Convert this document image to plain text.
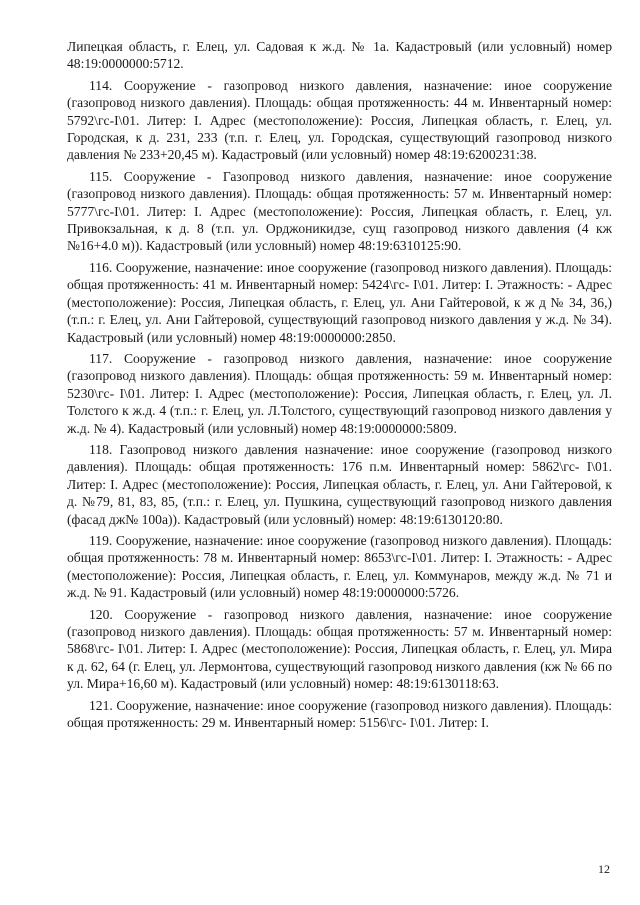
Липецкая область, г. Елец, ул. Садовая к ж.д. № 1а. Кадастровый (или условный) номер 48:19:0000000:5712.

114. Сооружение - газопровод низкого давления, назначение: иное сооружение (газопровод низкого давления). Площадь: общая протяженность: 44 м. Инвентарный номер: 5792\гс-I\01. Литер: I. Адрес (местоположение): Россия, Липецкая область, г. Елец, ул. Городская, к д. 231, 233 (т.п. г. Елец, ул. Городская, существующий газопровод низкого давления № 233+20,45 м). Кадастровый (или условный) номер 48:19:6200231:38.

115. Сооружение - Газопровод низкого давления, назначение: иное сооружение (газопровод низкого давления). Площадь: общая протяженность: 57 м. Инвентарный номер: 5777\гс-I\01. Литер: I. Адрес (местоположение): Россия, Липецкая область, г. Елец, ул. Привокзальная, к д. 8 (т.п. ул. Орджоникидзе, сущ газопровод низкого давления (4 кж №16+4.0 м)). Кадастровый (или условный) номер 48:19:6310125:90.

116. Сооружение, назначение: иное сооружение (газопровод низкого давления). Площадь: общая протяженность: 41 м. Инвентарный номер: 5424\гс- I\01. Литер: I. Этажность: - Адрес (местоположение): Россия, Липецкая область, г. Елец, ул. Ани Гайтеровой, к ж д № 34, 36,) (т.п.: г. Елец, ул. Ани Гайтеровой, существующий газопровод низкого давления у ж.д. № 34). Кадастровый (или условный) номер 48:19:0000000:2850.

117. Сооружение - газопровод низкого давления, назначение: иное сооружение (газопровод низкого давления). Площадь: общая протяженность: 59 м. Инвентарный номер: 5230\гс- I\01. Литер: I. Адрес (местоположение): Россия, Липецкая область, г. Елец, ул. Л. Толстого к ж.д. 4 (т.п.: г. Елец, ул. Л.Толстого, существующий газопровод низкого давления у ж.д. № 4). Кадастровый (или условный) номер 48:19:0000000:5809.

118. Газопровод низкого давления назначение: иное сооружение (газопровод низкого давления). Площадь: общая протяженность: 176 п.м. Инвентарный номер: 5862\гс- I\01. Литер: I. Адрес (местоположение): Россия, Липецкая область, г. Елец, ул. Ани Гайтеровой, к д. №79, 81, 83, 85, (т.п.: г. Елец, ул. Пушкина, существующий газопровод низкого давления (фасад дж№ 100а)). Кадастровый (или условный) номер: 48:19:6130120:80.

119. Сооружение, назначение: иное сооружение (газопровод низкого давления). Площадь: общая протяженность: 78 м. Инвентарный номер: 8653\гс-I\01. Литер: I. Этажность: - Адрес (местоположение): Россия, Липецкая область, г. Елец, ул. Коммунаров, между ж.д. № 71 и ж.д. № 91. Кадастровый (или условный) номер 48:19:0000000:5726.

120. Сооружение - газопровод низкого давления, назначение: иное сооружение (газопровод низкого давления). Площадь: общая протяженность: 57 м. Инвентарный номер: 5868\гс- I\01. Литер: I. Адрес (местоположение): Россия, Липецкая область, г. Елец, ул. Мира к д. 62, 64 (г. Елец, ул. Лермонтова, существующий газопровод низкого давления (кж № 66 по ул. Мира+16,60 м). Кадастровый (или условный) номер: 48:19:6130118:63.

121. Сооружение, назначение: иное сооружение (газопровод низкого давления). Площадь: общая протяженность: 29 м. Инвентарный номер: 5156\гс- I\01. Литер: I.

12
